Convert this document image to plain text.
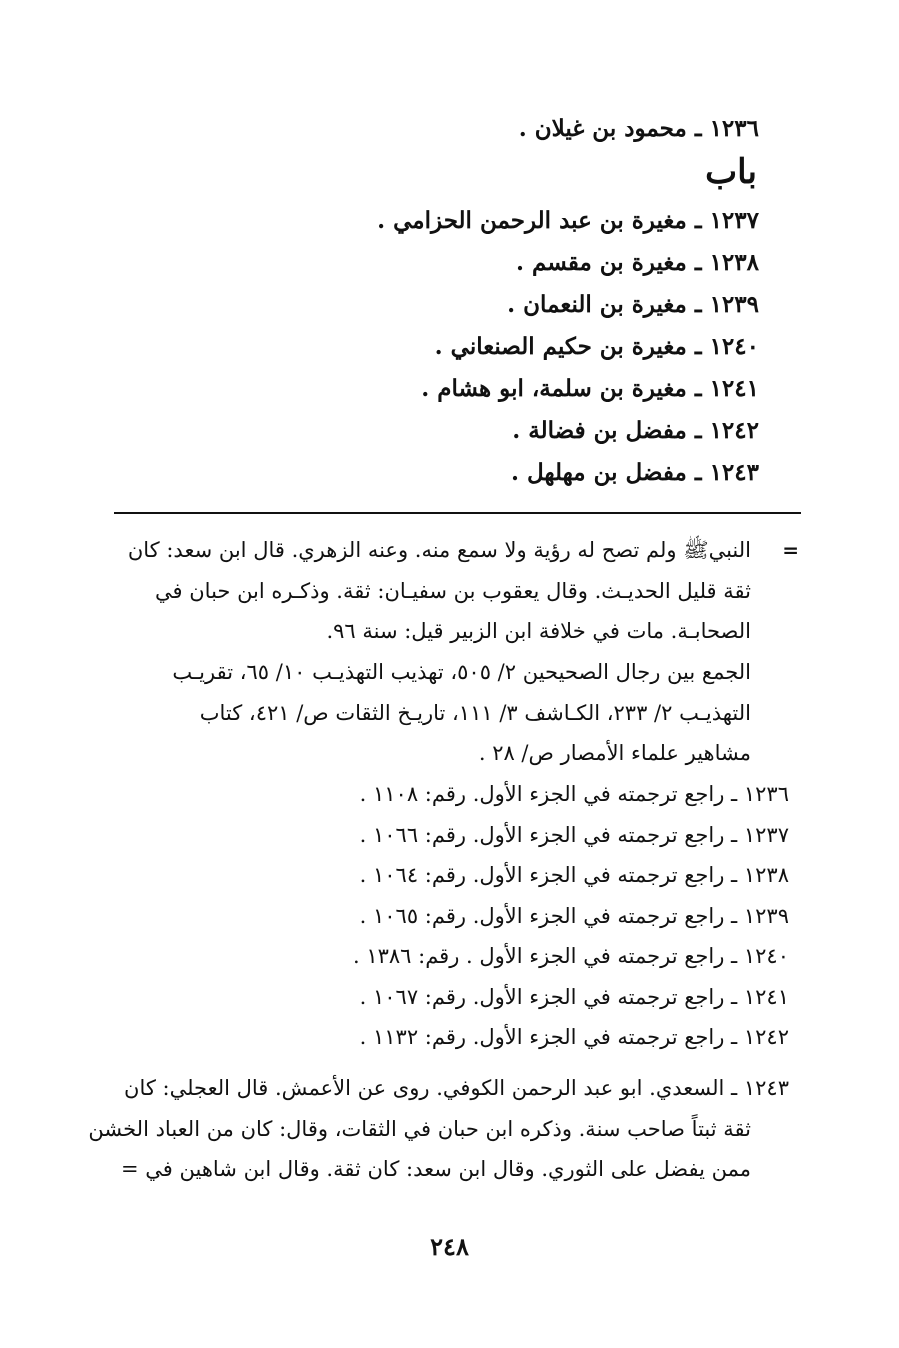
١٢٣٦ ـ محمود بن غيلان .
باب
١٢٣٧ ـ مغيرة بن عبد الرحمن الحزامي .
١٢٣٨ ـ مغيرة بن مقسم .
١٢٣٩ ـ مغيرة بن النعمان .
١٢٤٠ ـ مغيرة بن حكيم الصنعاني .
١٢٤١ ـ مغيرة بن سلمة، ابو هشام .
١٢٤٢ ـ مفضل بن فضالة .
١٢٤٣ ـ مفضل بن مهلهل .
=
النبيﷺ ولم تصح له رؤية ولا سمع منه. وعنه الزهري. قال ابن سعد: كان
ثقة قليل الحديـث. وقال يعقوب بن سفيـان: ثقة. وذكـره ابن حبان في
الصحابـة. مات في خلافة ابن الزبير قيل: سنة ٩٦.
الجمع بين رجال الصحيحين ٢/ ٥٠٥، تهذيب التهذيـب ١٠/ ٦٥، تقريـب
التهذيـب ٢/ ٢٣٣، الكـاشف ٣/ ١١١، تاريـخ الثقات ص/ ٤٢١، كتاب
مشاهير علماء الأمصار ص/ ٢٨ .
١٢٣٦ ـ راجع ترجمته في الجزء الأول. رقم: ١١٠٨ .
١٢٣٧ ـ راجع ترجمته في الجزء الأول. رقم: ١٠٦٦ .
١٢٣٨ ـ راجع ترجمته في الجزء الأول. رقم: ١٠٦٤ .
١٢٣٩ ـ راجع ترجمته في الجزء الأول. رقم: ١٠٦٥ .
١٢٤٠ ـ راجع ترجمته في الجزء الأول . رقم: ١٣٨٦ .
١٢٤١ ـ راجع ترجمته في الجزء الأول. رقم: ١٠٦٧ .
١٢٤٢ ـ راجع ترجمته في الجزء الأول. رقم: ١١٣٢ .
١٢٤٣ ـ السعدي. ابو عبد الرحمن الكوفي. روى عن الأعمش. قال العجلي: كان
ثقة ثبتاً صاحب سنة. وذكره ابن حبان في الثقات، وقال: كان من العباد الخشن
ممن يفضل على الثوري. وقال ابن سعد: كان ثقة. وقال ابن شاهين في =
٢٤٨
